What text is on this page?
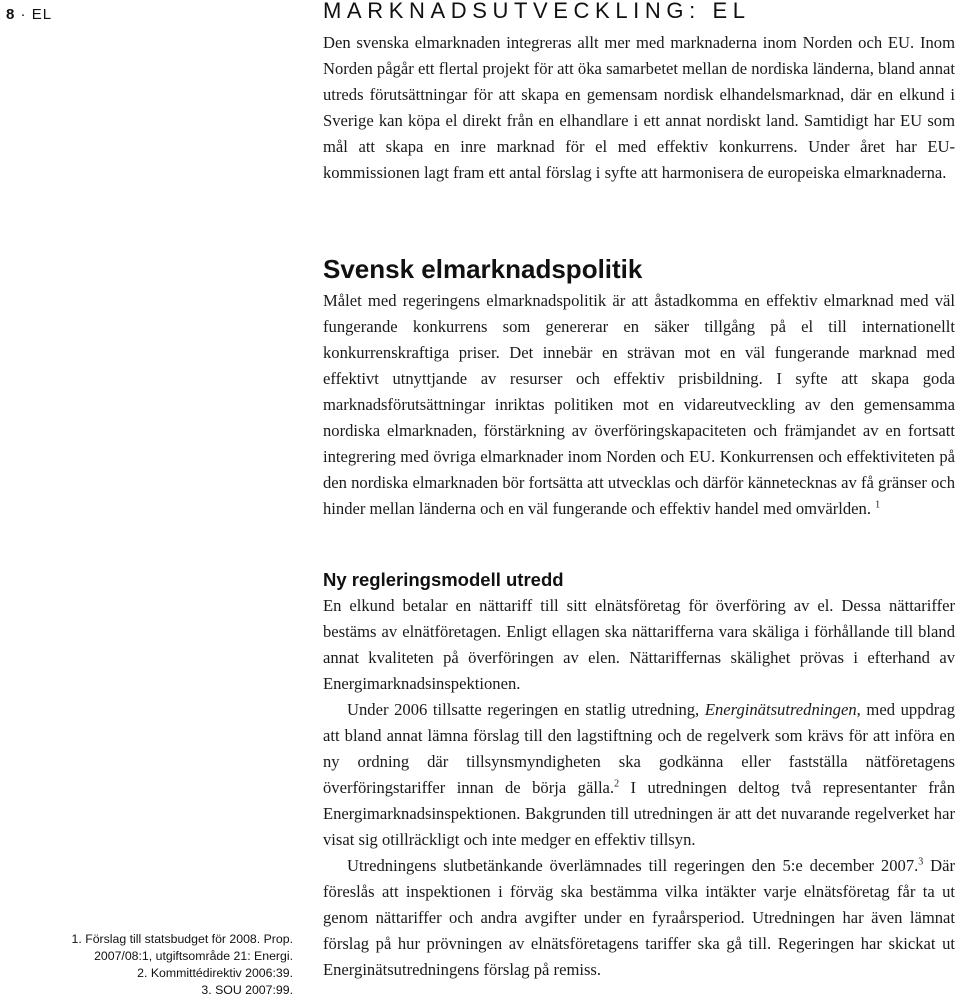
8 · EL	MARKNADSUTVECKLING: EL

Den svenska elmarknaden integreras allt mer med marknaderna inom Norden och EU. Inom Norden pågår ett flertal projekt för att öka samarbetet mellan de nordiska länderna, bland annat utreds förutsättningar för att skapa en gemensam nordisk elhandelsmarknad, där en elkund i Sverige kan köpa el direkt från en elhandlare i ett annat nordiskt land. Samtidigt har EU som mål att skapa en inre marknad för el med effektiv konkurrens. Under året har EU-kommissionen lagt fram ett antal förslag i syfte att harmonisera de europeiska elmarknaderna.

Svensk elmarknadspolitik

Målet med regeringens elmarknadspolitik är att åstadkomma en effektiv elmarknad med väl fungerande konkurrens som genererar en säker tillgång på el till internationellt konkurrenskraftiga priser. Det innebär en strävan mot en väl fungerande marknad med effektivt utnyttjande av resurser och effektiv prisbildning. I syfte att skapa goda marknadsförutsättningar inriktas politiken mot en vidareutveckling av den gemensamma nordiska elmarknaden, förstärkning av överföringskapaciteten och främjandet av en fortsatt integrering med övriga elmarknader inom Norden och EU. Konkurrensen och effektiviteten på den nordiska elmarknaden bör fortsätta att utvecklas och därför kännetecknas av få gränser och hinder mellan länderna och en väl fungerande och effektiv handel med omvärlden. $^1$

Ny regleringsmodell utredd

En elkund betalar en nättariff till sitt elnätsföretag för överföring av el. Dessa nättariffer bestäms av elnätföretagen. Enligt ellagen ska nättarifferna vara skäliga i förhållande till bland annat kvaliteten på överföringen av elen. Nättariffernas skälighet prövas i efterhand av Energimarknadsinspektionen.

Under 2006 tillsatte regeringen en statlig utredning, Energinätsutredningen, med uppdrag att bland annat lämna förslag till den lagstiftning och de regelverk som krävs för att införa en ny ordning där tillsynsmyndigheten ska godkänna eller fastställa nätföretagens överföringstariffer innan de börja gälla.$^2$ I utredningen deltog två representanter från Energimarknadsinspektionen. Bakgrunden till utredningen är att det nuvarande regelverket har visat sig otillräckligt och inte medger en effektiv tillsyn.

Utredningens slutbetänkande överlämnades till regeringen den 5:e december 2007.$^3$ Där föreslås att inspektionen i förväg ska bestämma vilka intäkter varje elnätsföretag får ta ut genom nättariffer och andra avgifter under en fyraårsperiod. Utredningen har även lämnat förslag på hur prövningen av elnätsföretagens tariffer ska gå till. Regeringen har skickat ut Energinätsutredningens förslag på remiss.

1. Förslag till statsbudget för 2008. Prop.
2007/08:1, utgiftsområde 21: Energi.
2. Kommittédirektiv 2006:39.
3. SOU 2007:99.
